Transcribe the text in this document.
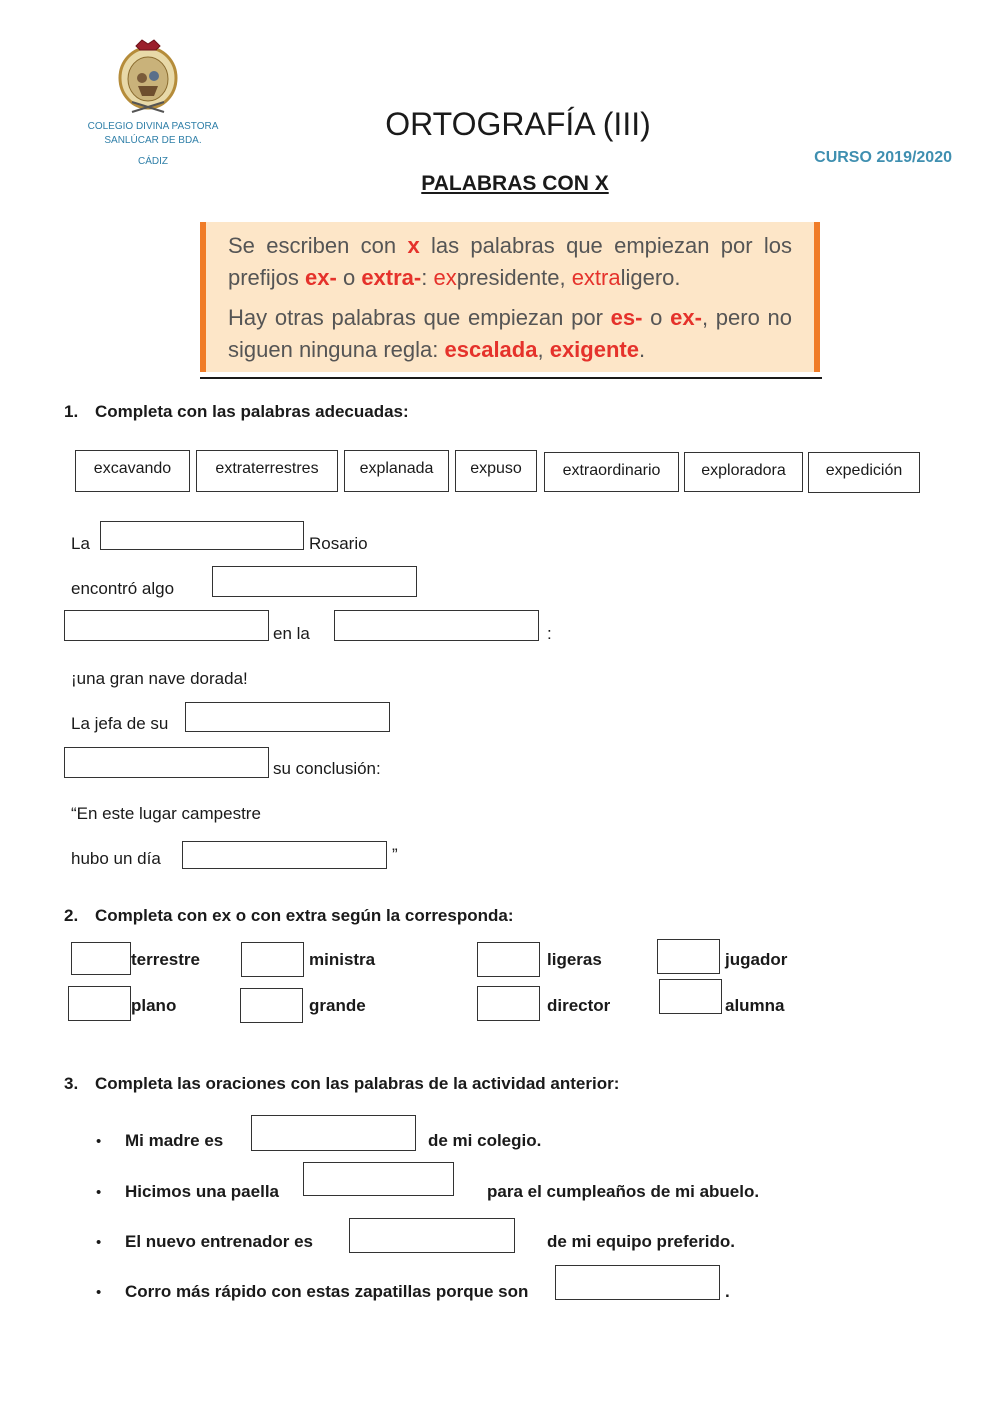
COLEGIO DIVINA PASTORA
SANLÚCAR DE BDA.
CÁDIZ
ORTOGRAFÍA (III)
CURSO 2019/2020
PALABRAS CON X

Se escriben con x las palabras que empiezan por los prefijos ex- o extra-: expresidente, extraligero.

Hay otras palabras que empiezan por es- o ex-, pero no siguen ninguna regla: escalada, exigente.

1. Completa con las palabras adecuadas:
excavando	extraterrestres	explanada	expuso	extraordinario	exploradora	expedición
La	Rosario
encontró algo
en la	:
¡una gran nave dorada!
La jefa de su
su conclusión:
“En este lugar campestre
hubo un día	”
2. Completa con ex o con extra según la corresponda:
terrestre	ministra	ligeras	jugador
plano	grande	director	alumna
3. Completa las oraciones con las palabras de la actividad anterior:
• Mi madre es	de mi colegio.
• Hicimos una paella	para el cumpleaños de mi abuelo.
• El nuevo entrenador es	de mi equipo preferido.
• Corro más rápido con estas zapatillas porque son	.
